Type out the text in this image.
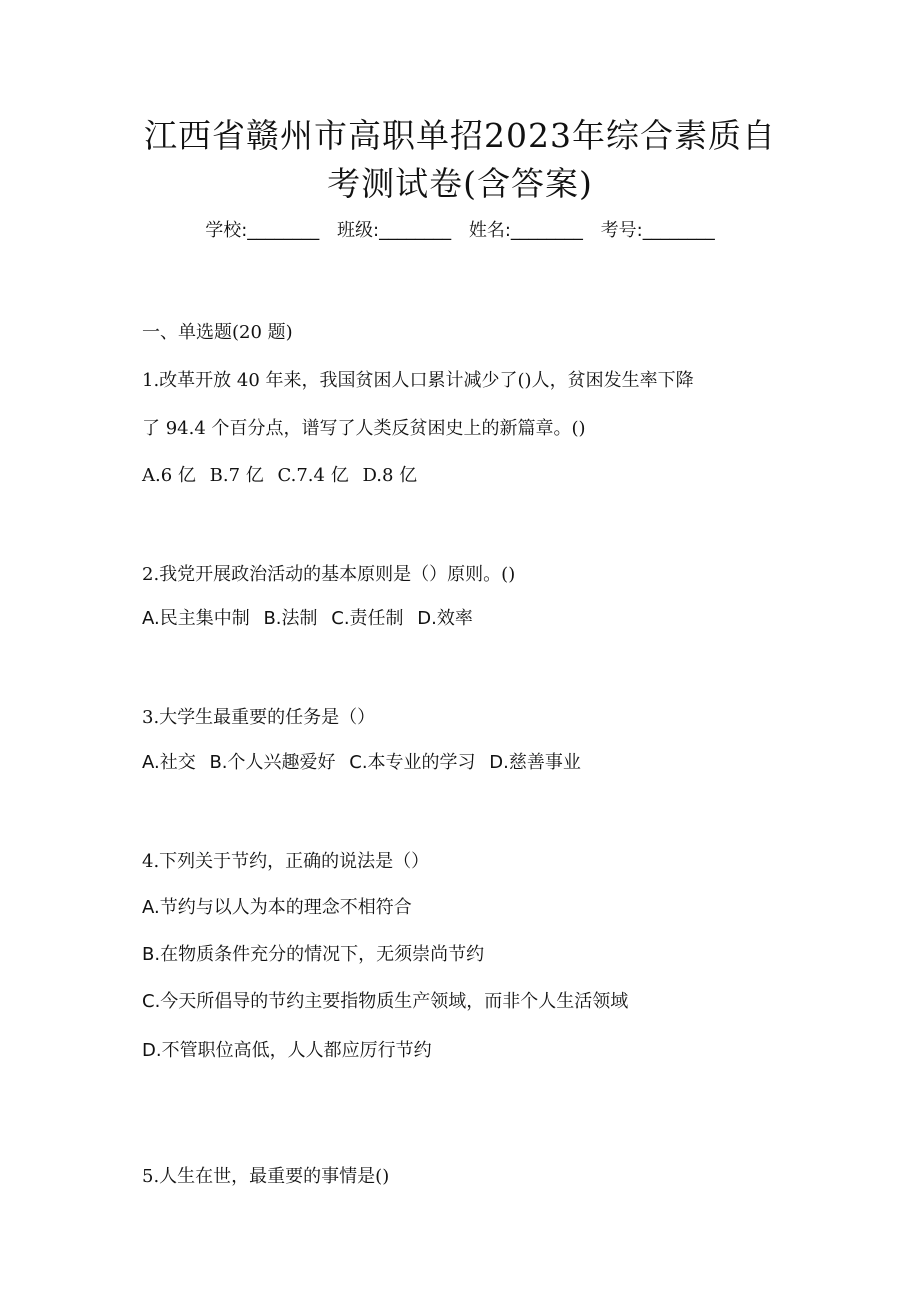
江西省赣州市高职单招2023年综合素质自
考测试卷(含答案)
学校:________ 班级:________ 姓名:________ 考号:________
一、单选题(20 题)
1.改革开放 40 年来，我国贫困人口累计减少了()人，贫困发生率下降
了 94.4 个百分点，谱写了人类反贫困史上的新篇章。()
A.6 亿 B.7 亿 C.7.4 亿 D.8 亿
2.我党开展政治活动的基本原则是（）原则。()
A.民主集中制 B.法制 C.责任制 D.效率
3.大学生最重要的任务是（）
A.社交 B.个人兴趣爱好 C.本专业的学习 D.慈善事业
4.下列关于节约，正确的说法是（）
A.节约与以人为本的理念不相符合
B.在物质条件充分的情况下，无须崇尚节约
C.今天所倡导的节约主要指物质生产领域，而非个人生活领域
D.不管职位高低，人人都应厉行节约
5.人生在世，最重要的事情是()
